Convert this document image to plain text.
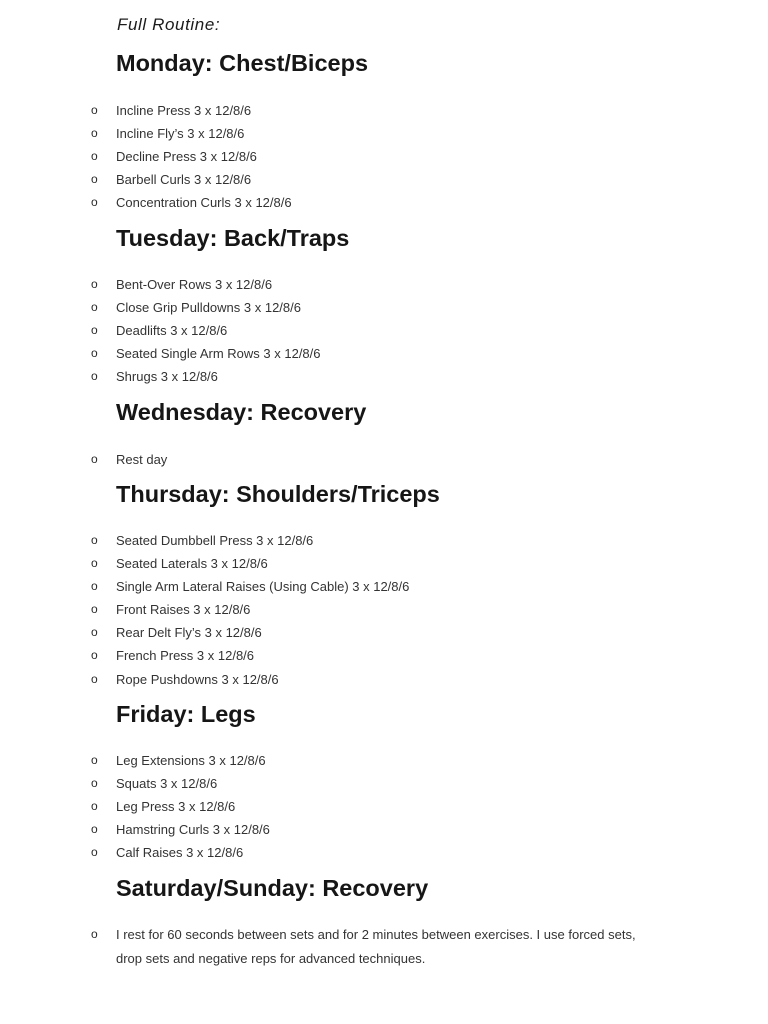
Full Routine:
Monday: Chest/Biceps
o Incline Press 3 x 12/8/6
o Incline Fly’s 3 x 12/8/6
o Decline Press 3 x 12/8/6
o Barbell Curls 3 x 12/8/6
o Concentration Curls 3 x 12/8/6
Tuesday: Back/Traps
o Bent-Over Rows 3 x 12/8/6
o Close Grip Pulldowns 3 x 12/8/6
o Deadlifts 3 x 12/8/6
o Seated Single Arm Rows 3 x 12/8/6
o Shrugs 3 x 12/8/6
Wednesday: Recovery
o Rest day
Thursday: Shoulders/Triceps
o Seated Dumbbell Press 3 x 12/8/6
o Seated Laterals 3 x 12/8/6
o Single Arm Lateral Raises (Using Cable) 3 x 12/8/6
o Front Raises 3 x 12/8/6
o Rear Delt Fly’s 3 x 12/8/6
o French Press 3 x 12/8/6
o Rope Pushdowns 3 x 12/8/6
Friday: Legs
o Leg Extensions 3 x 12/8/6
o Squats 3 x 12/8/6
o Leg Press 3 x 12/8/6
o Hamstring Curls 3 x 12/8/6
o Calf Raises 3 x 12/8/6
Saturday/Sunday: Recovery
o I rest for 60 seconds between sets and for 2 minutes between exercises. I use forced sets, drop sets and negative reps for advanced techniques.
